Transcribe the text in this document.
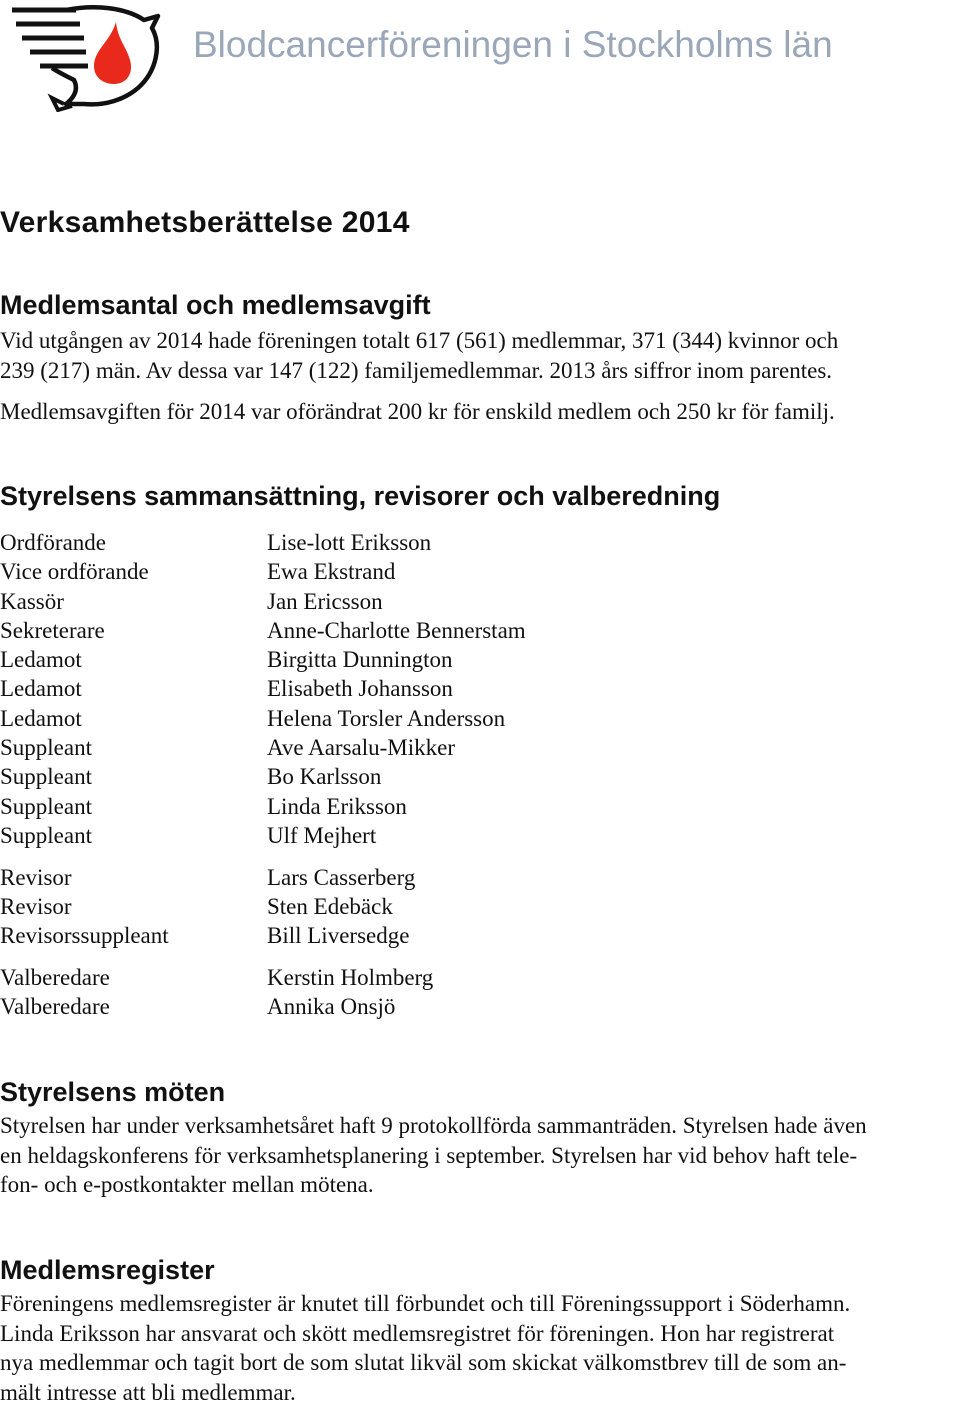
Blodcancerföreningen i Stockholms län
Verksamhetsberättelse 2014
Medlemsantal och medlemsavgift
Vid utgången av 2014 hade föreningen totalt 617 (561) medlemmar, 371 (344) kvinnor och
239 (217) män. Av dessa var 147 (122) familjemedlemmar. 2013 års siffror inom parentes.
Medlemsavgiften för 2014 var oförändrat 200 kr för enskild medlem och 250 kr för familj.
Styrelsens sammansättning, revisorer och valberedning
Ordförande	Lise-lott Eriksson
Vice ordförande	Ewa Ekstrand
Kassör	Jan Ericsson
Sekreterare	Anne-Charlotte Bennerstam
Ledamot	Birgitta Dunnington
Ledamot	Elisabeth Johansson
Ledamot	Helena Torsler Andersson
Suppleant	Ave Aarsalu-Mikker
Suppleant	Bo Karlsson
Suppleant	Linda Eriksson
Suppleant	Ulf Mejhert
Revisor	Lars Casserberg
Revisor	Sten Edebäck
Revisorssuppleant	Bill Liversedge
Valberedare	Kerstin Holmberg
Valberedare	Annika Onsjö
Styrelsens möten
Styrelsen har under verksamhetsåret haft 9 protokollförda sammanträden. Styrelsen hade även
en heldagskonferens för verksamhetsplanering i september. Styrelsen har vid behov haft tele-
fon- och e-postkontakter mellan mötena.
Medlemsregister
Föreningens medlemsregister är knutet till förbundet och till Föreningssupport i Söderhamn.
Linda Eriksson har ansvarat och skött medlemsregistret för föreningen. Hon har registrerat
nya medlemmar och tagit bort de som slutat likväl som skickat välkomstbrev till de som an-
mält intresse att bli medlemmar.
